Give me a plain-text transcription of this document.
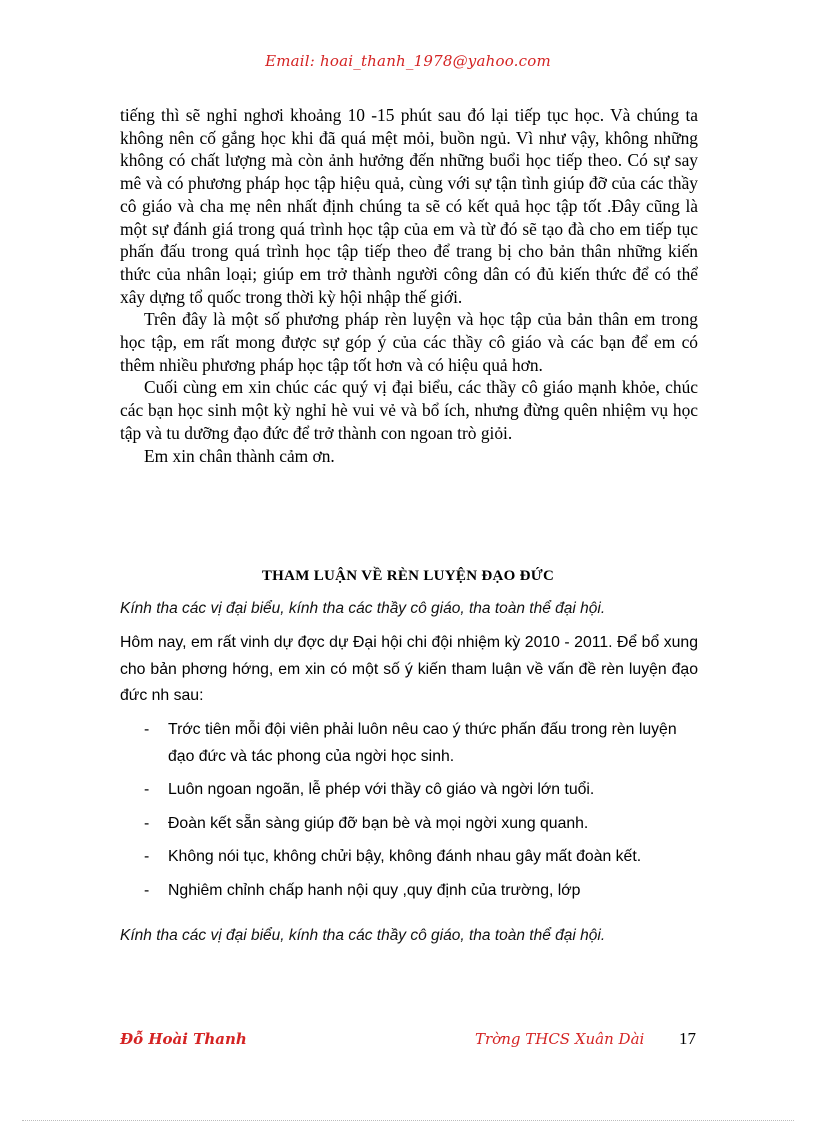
Email: hoai_thanh_1978@yahoo.com

tiếng thì sẽ nghỉ nghơi khoảng 10 -15 phút sau đó lại tiếp tục học. Và chúng ta không nên cố gắng học khi đã quá mệt mỏi, buồn ngủ. Vì như vậy, không những không có chất lượng mà còn ảnh hưởng đến những buổi học tiếp theo. Có sự say mê và có phương pháp học tập hiệu quả, cùng với sự tận tình giúp đỡ của các thầy cô giáo và cha mẹ nên nhất định chúng ta sẽ có kết quả học tập tốt .Đây cũng là một sự đánh giá trong quá trình học tập của em và từ đó sẽ tạo đà cho em tiếp tục phấn đấu trong quá trình học tập tiếp theo để trang bị cho bản thân những kiến thức của nhân loại; giúp em trở thành người công dân có đủ kiến thức để có thể xây dựng tổ quốc trong thời kỳ hội nhập thế giới.

Trên đây là một số phương pháp rèn luyện và học tập của bản thân em trong học tập, em rất mong được sự góp ý của các thầy cô giáo và các bạn để em có thêm nhiều phương pháp học tập tốt hơn và có hiệu quả hơn.

Cuối cùng em xin chúc các quý vị đại biểu, các thầy cô giáo mạnh khỏe, chúc các bạn học sinh một kỳ nghỉ hè vui vẻ và bổ ích, nhưng đừng quên nhiệm vụ học tập và tu dưỡng đạo đức để trở thành con ngoan trò giỏi.

Em xin chân thành cảm ơn.

THAM LUẬN VỀ RÈN LUYỆN ĐẠO ĐỨC
Kính tha các vị đại biểu, kính tha các thầy cô giáo, tha toàn thể đại hội.
Hôm nay, em rất vinh dự đợc dự Đại hội chi đội nhiệm kỳ 2010 - 2011. Để bổ xung cho bản phơng hớng, em xin có một số ý kiến tham luận về vấn đề rèn luyện đạo đức nh sau:
- Trớc tiên mỗi đội viên phải luôn nêu cao ý thức phấn đấu trong rèn luyện đạo đức và tác phong của ngời học sinh.
- Luôn ngoan ngoãn, lễ phép với thầy cô giáo và ngời lớn tuổi.
- Đoàn kết sẵn sàng giúp đỡ bạn bè và mọi ngời xung quanh.
- Không nói tục, không chửi bậy, không đánh nhau gây mất đoàn kết.
- Nghiêm chỉnh chấp hanh nội quy ,quy định của trường, lớp
Kính tha các vị đại biểu, kính tha các thầy cô giáo, tha toàn thể đại hội.
Đỗ Hoài Thanh	Trờng THCS Xuân Dài 17
